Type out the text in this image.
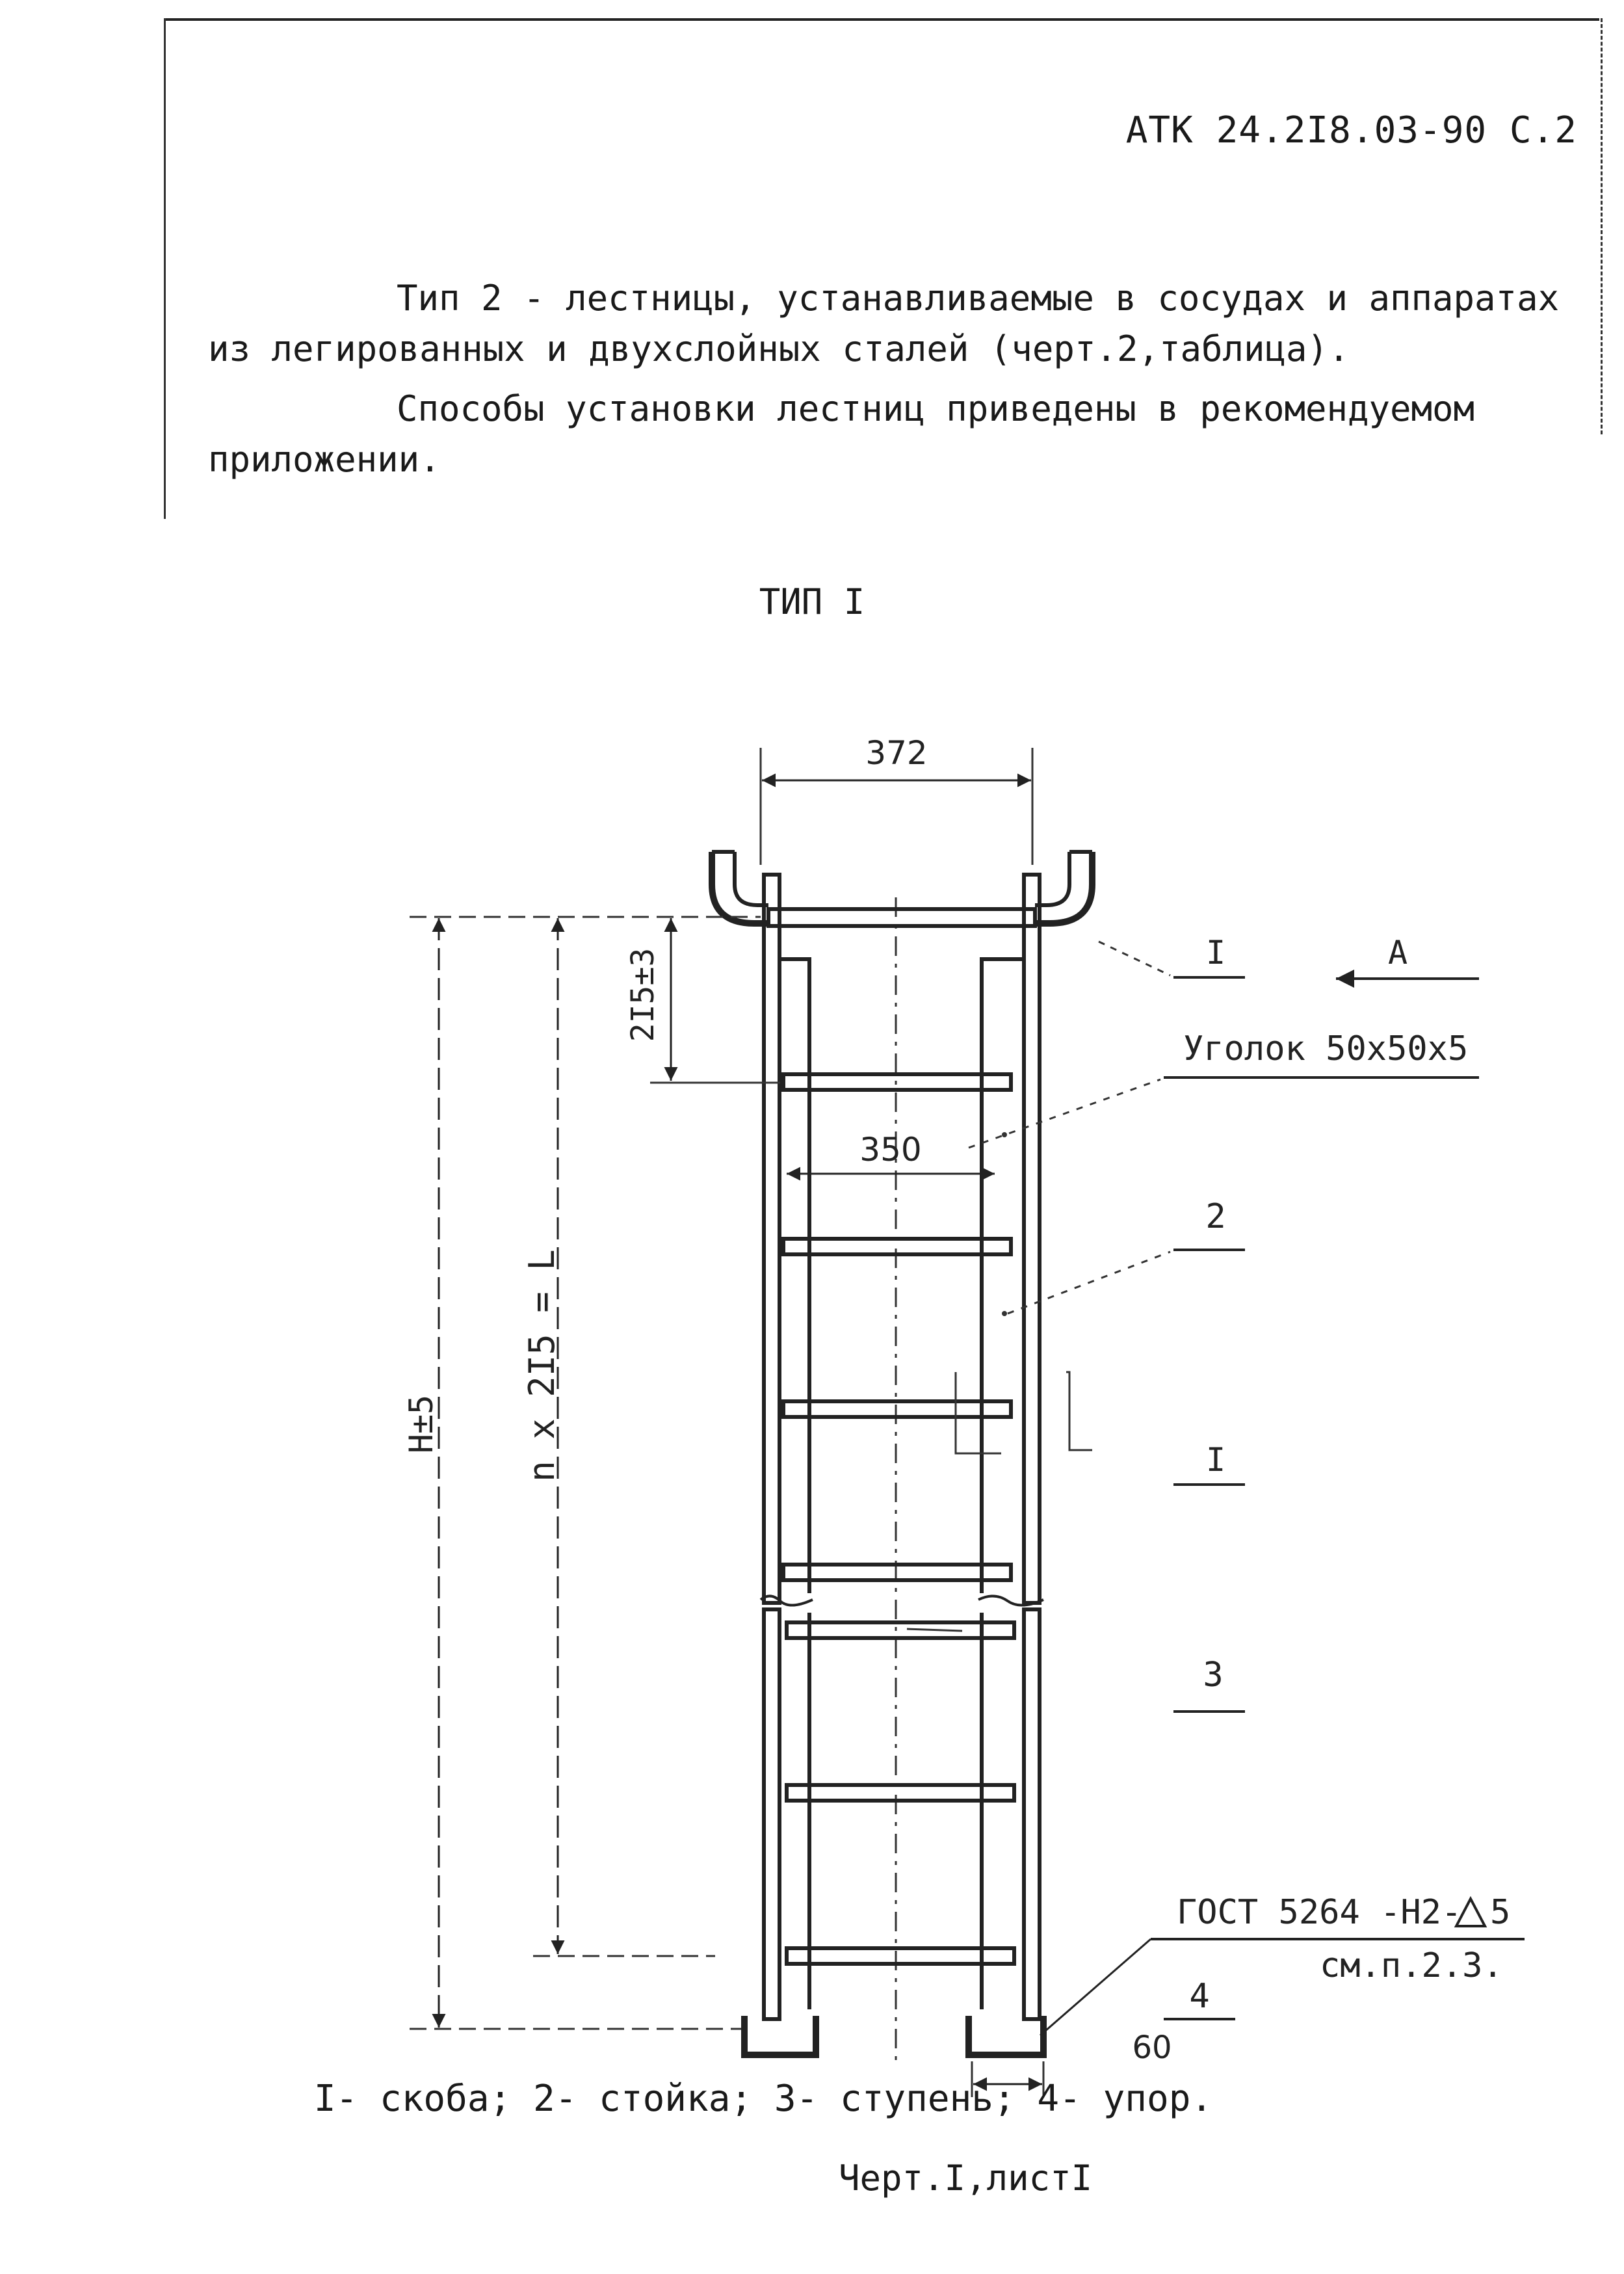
АТК 24.2I8.03-90 С.2
Тип 2 - лестницы, устанавливаемые в сосудах и аппаратах из легированных и двухслойных сталей (черт.2,таблица).
Способы установки лестниц приведены в рекомендуемом приложении.
ТИП I
372
350
2I5±3
Н±5 n x 2I5 = L
60
I	А
Уголок 50х50х5
2
I
3
ГОСТ 5264 -Н2- 5
см.п.2.3.
4
I- скоба; 2- стойка; 3- ступень; 4- упор.
Черт.I,листI
